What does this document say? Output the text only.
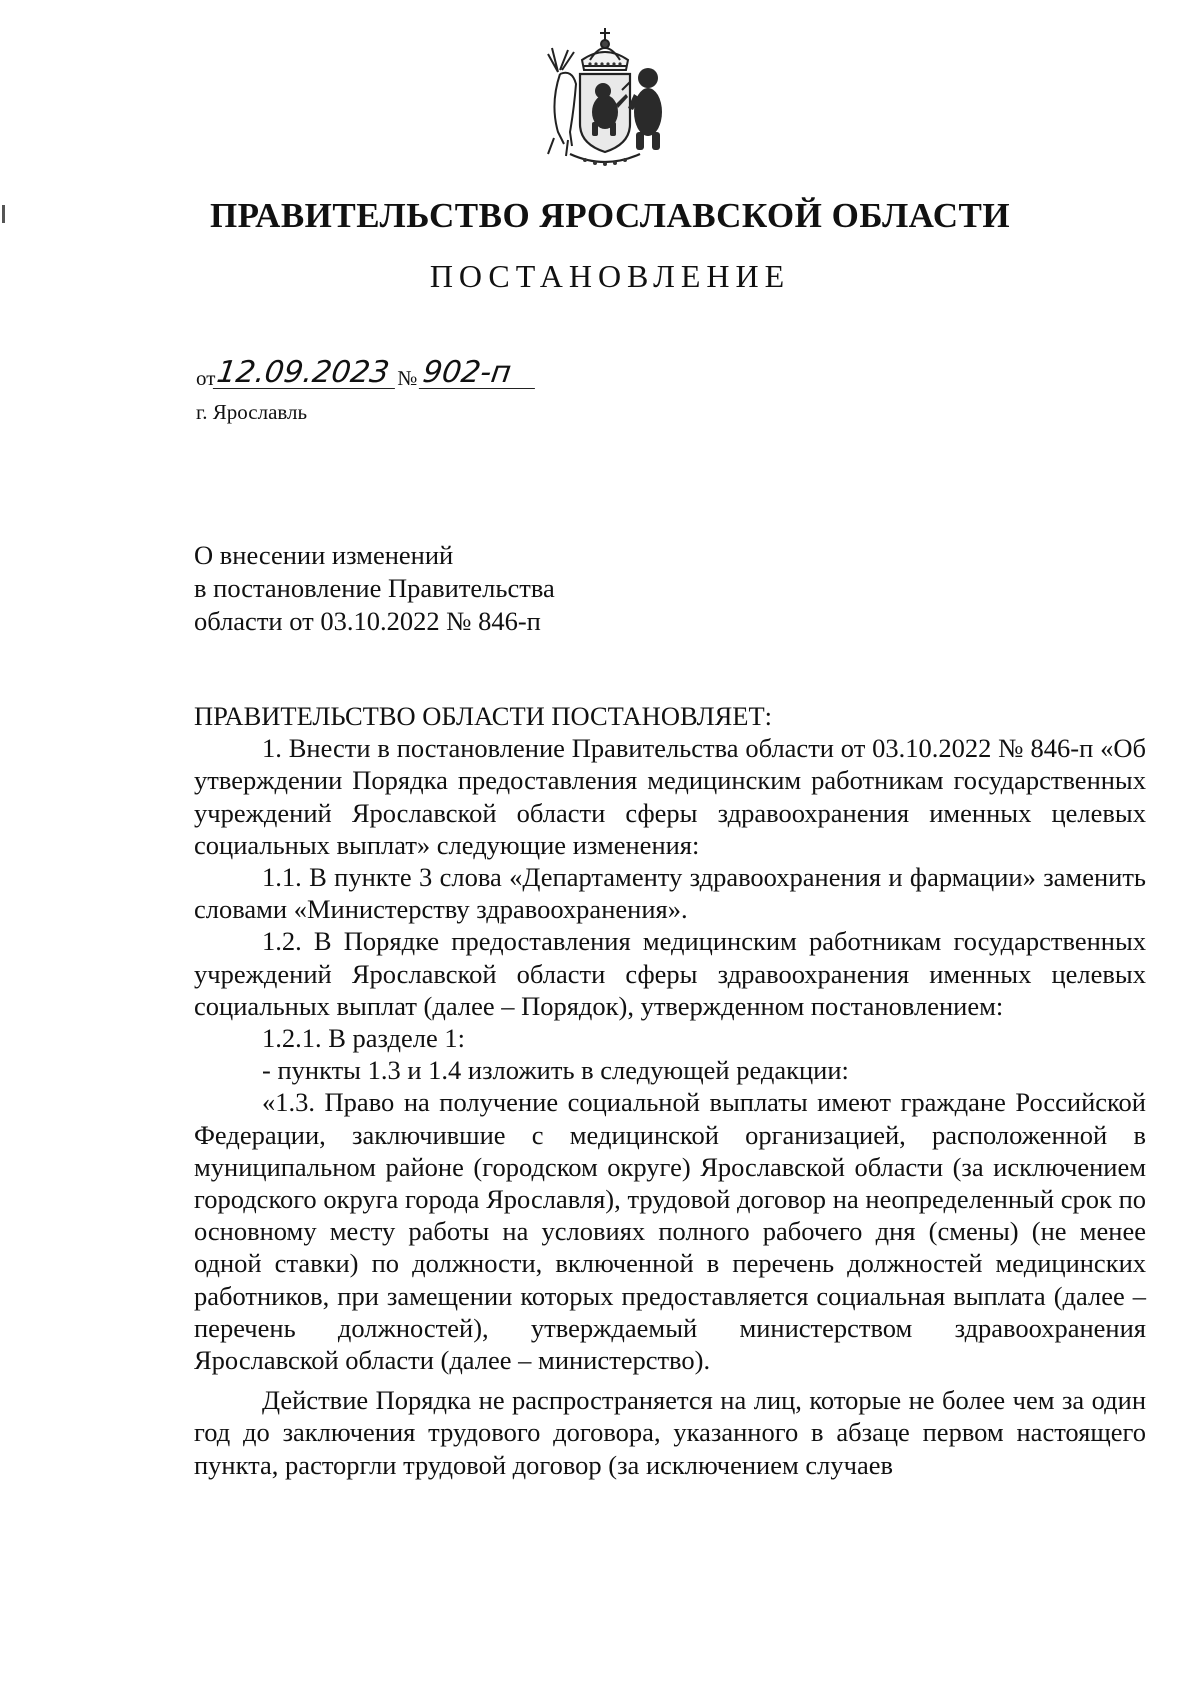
ПРАВИТЕЛЬСТВО ЯРОСЛАВСКОЙ ОБЛАСТИ
ПОСТАНОВЛЕНИЕ
от 12.09.2023 № 902-п
г. Ярославль
О внесении изменений
в постановление Правительства
области от 03.10.2022 № 846-п

ПРАВИТЕЛЬСТВО ОБЛАСТИ ПОСТАНОВЛЯЕТ:

1. Внести в постановление Правительства области от 03.10.2022 № 846-п «Об утверждении Порядка предоставления медицинским работникам государственных учреждений Ярославской области сферы здравоохранения именных целевых социальных выплат» следующие изменения:

1.1. В пункте 3 слова «Департаменту здравоохранения и фармации» заменить словами «Министерству здравоохранения».

1.2. В Порядке предоставления медицинским работникам государственных учреждений Ярославской области сферы здравоохранения именных целевых социальных выплат (далее – Порядок), утвержденном постановлением:

1.2.1. В разделе 1:

- пункты 1.3 и 1.4 изложить в следующей редакции:

«1.3. Право на получение социальной выплаты имеют граждане Российской Федерации, заключившие с медицинской организацией, расположенной в муниципальном районе (городском округе) Ярославской области (за исключением городского округа города Ярославля), трудовой договор на неопределенный срок по основному месту работы на условиях полного рабочего дня (смены) (не менее одной ставки) по должности, включенной в перечень должностей медицинских работников, при замещении которых предоставляется социальная выплата (далее – перечень должностей), утверждаемый министерством здравоохранения Ярославской области (далее – министерство).

Действие Порядка не распространяется на лиц, которые не более чем за один год до заключения трудового договора, указанного в абзаце первом настоящего пункта, расторгли трудовой договор (за исключением случаев
